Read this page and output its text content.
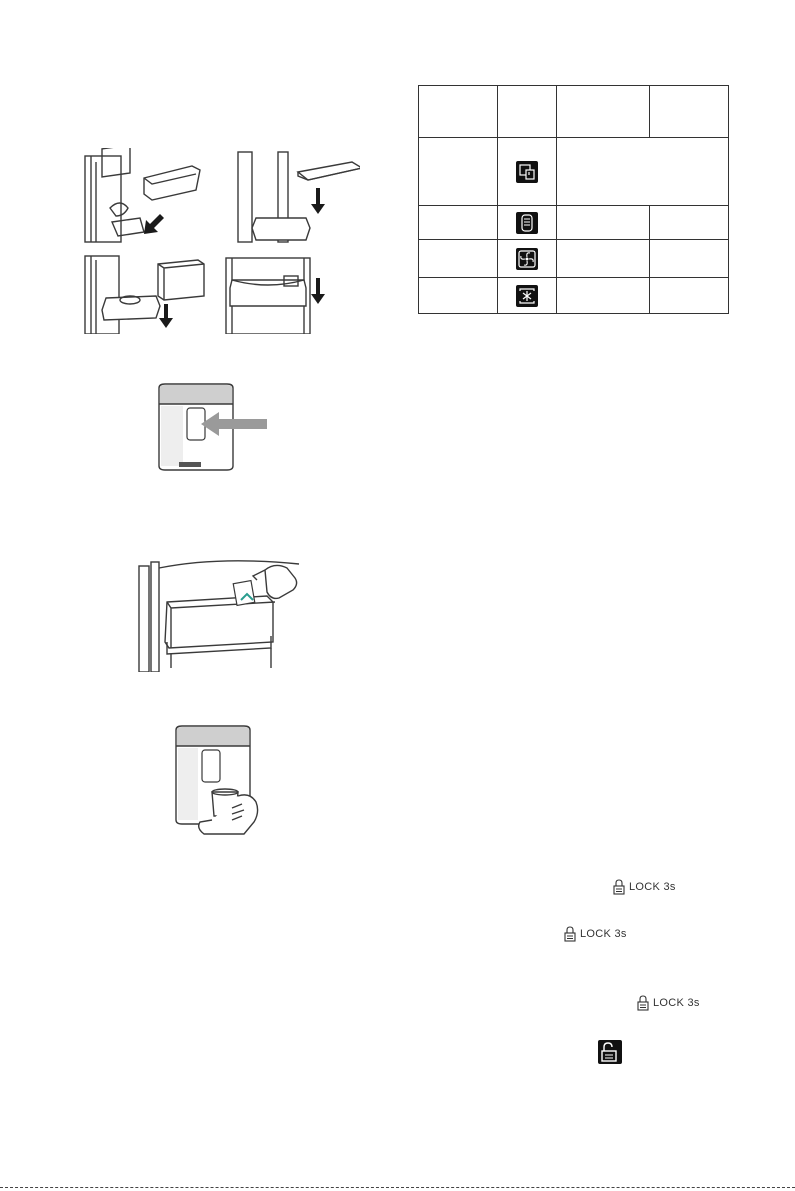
LOCK 3s
LOCK 3s
LOCK 3s
